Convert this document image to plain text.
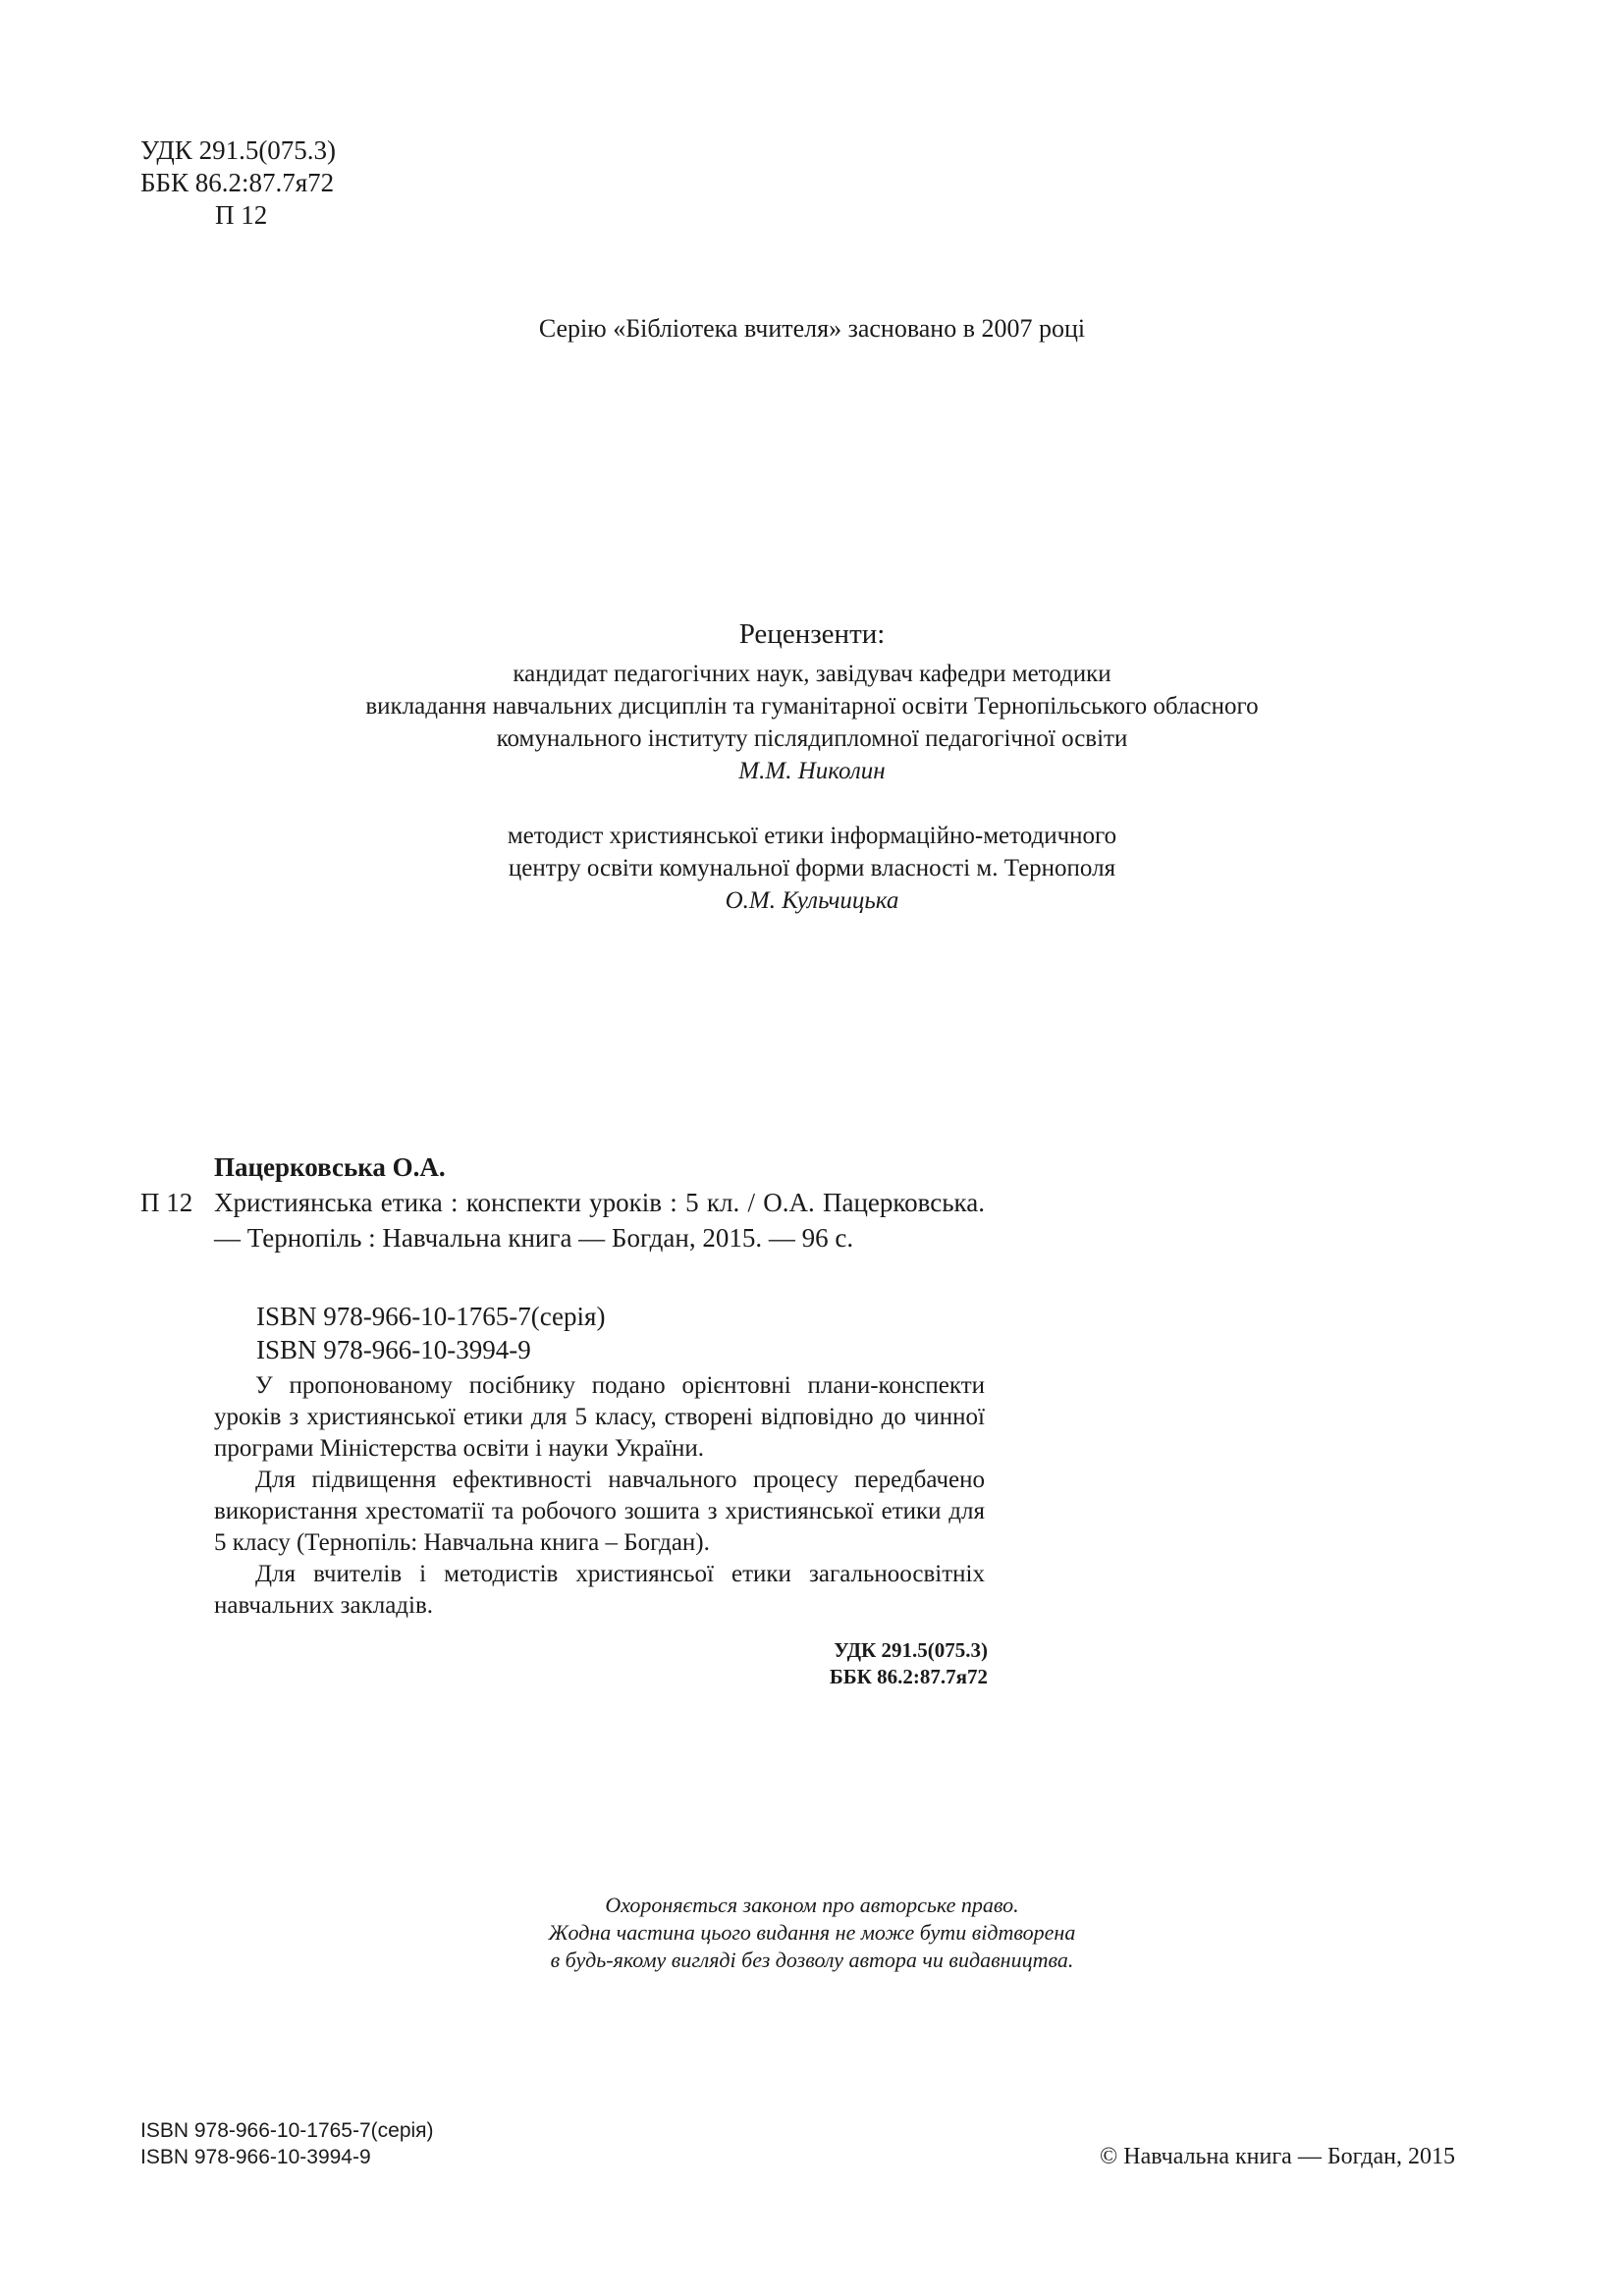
УДК 291.5(075.3)
ББК 86.2:87.7я72
П 12
Серію «Бібліотека вчителя» засновано в 2007 році
Рецензенти:
кандидат педагогічних наук, завідувач кафедри методики
викладання навчальних дисциплін та гуманітарної освіти Тернопільського обласного
комунального інституту післядипломної педагогічної освіти
М.М. Николин
методист християнської етики інформаційно-методичного
центру освіти комунальної форми власності м. Тернополя
О.М. Кульчицька
Пацерковська О.А.
П 12 Християнська етика : конспекти уроків : 5 кл. / О.А. Пацерковська. — Тернопіль : Навчальна книга — Богдан, 2015. — 96 с.
ISBN 978-966-10-1765-7(серія)
ISBN 978-966-10-3994-9

У пропонованому посібнику подано орієнтовні плани-конспекти уроків з християнської етики для 5 класу, створені відповідно до чинної програми Міністерства освіти і науки України.

Для підвищення ефективності навчального процесу передбачено використання хрестоматії та робочого зошита з християнської етики для 5 класу (Тернопіль: Навчальна книга – Богдан).

Для вчителів і методистів християнсьої етики загальноосвітніх навчальних закладів.

УДК 291.5(075.3)
ББК 86.2:87.7я72
Охороняється законом про авторське право.
Жодна частина цього видання не може бути відтворена
в будь-якому вигляді без дозволу автора чи видавництва.
ISBN 978-966-10-1765-7(серія)
ISBN 978-966-10-3994-9	© Навчальна книга — Богдан, 2015
